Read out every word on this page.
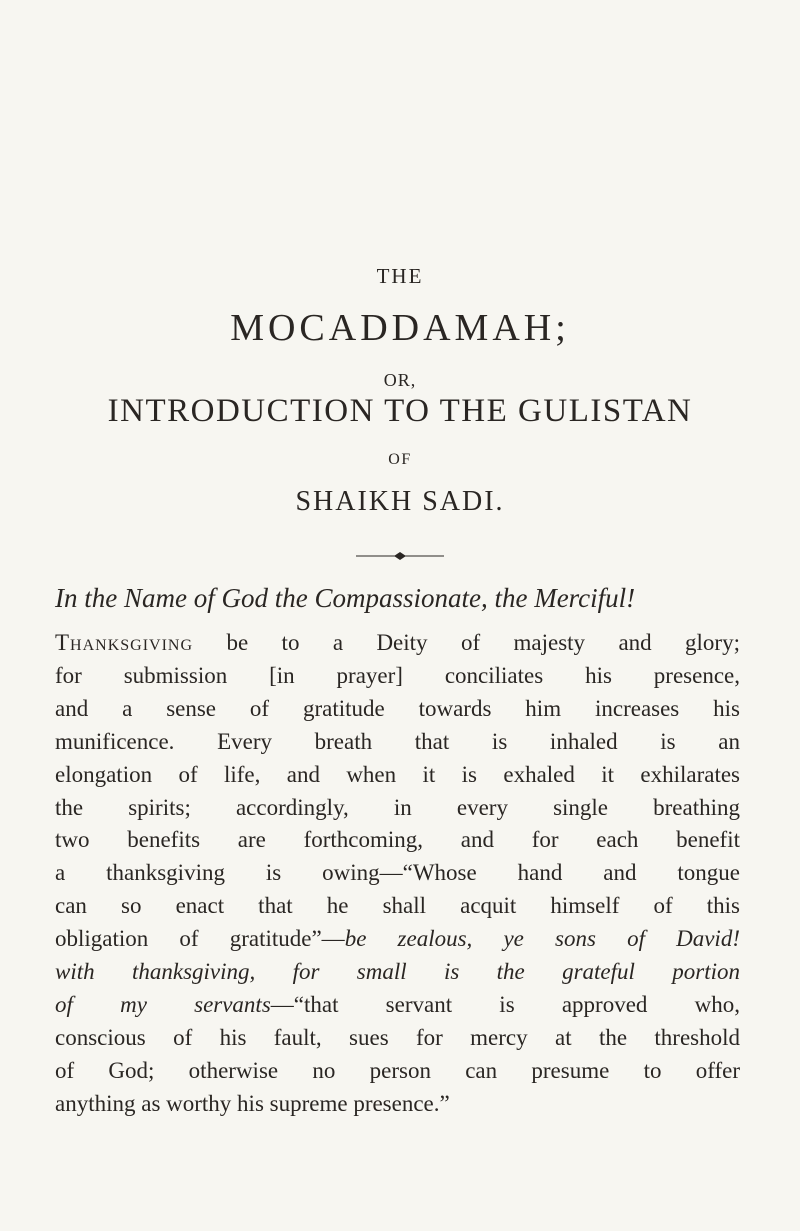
THE
MOCADDAMAH;
OR,
INTRODUCTION TO THE GULISTAN
OF
SHAIKH SADI.
In the Name of God the Compassionate, the Merciful!
Thanksgiving be to a Deity of majesty and glory;
for submission [in prayer] conciliates his presence,
and a sense of gratitude towards him increases his
munificence. Every breath that is inhaled is an
elongation of life, and when it is exhaled it exhilarates
the spirits; accordingly, in every single breathing
two benefits are forthcoming, and for each benefit
a thanksgiving is owing—“Whose hand and tongue
can so enact that he shall acquit himself of this
obligation of gratitude”—be zealous, ye sons of David!
with thanksgiving, for small is the grateful portion
of my servants—“that servant is approved who,
conscious of his fault, sues for mercy at the threshold
of God; otherwise no person can presume to offer
anything as worthy his supreme presence.”
